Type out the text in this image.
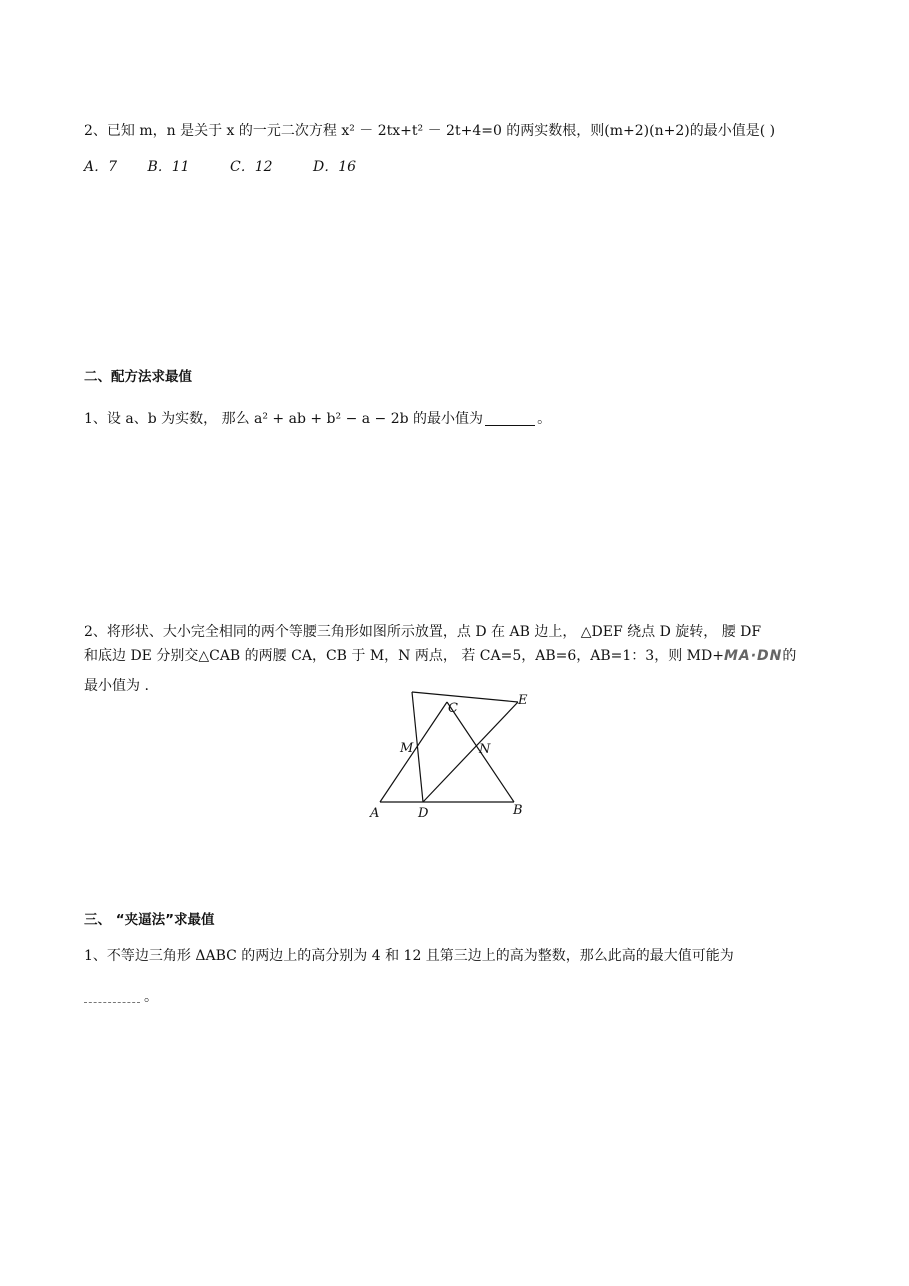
2、已知 m，n 是关于 x 的一元二次方程 x² － 2tx+t² － 2t+4=0 的两实数根，则(m+2)(n+2)的最小值是( )
A．7 B．11	C．12	D．16
二、配方法求最值
1、设 a、b 为实数， 那么 a² + ab + b² − a − 2b 的最小值为	。
2、将形状、大小完全相同的两个等腰三角形如图所示放置，点 D 在 AB 边上， △DEF 绕点 D 旋转， 腰 DF
和底边 DE 分别交△CAB 的两腰 CA，CB 于 M，N 两点， 若 CA=5，AB=6，AB=1：3，则 MD+MA·DN的
最小值为 .
A	D	B
C
E
M	N
三、 “夹逼法”求最值
1、不等边三角形 ΔABC 的两边上的高分别为 4 和 12 且第三边上的高为整数，那么此高的最大值可能为
。
